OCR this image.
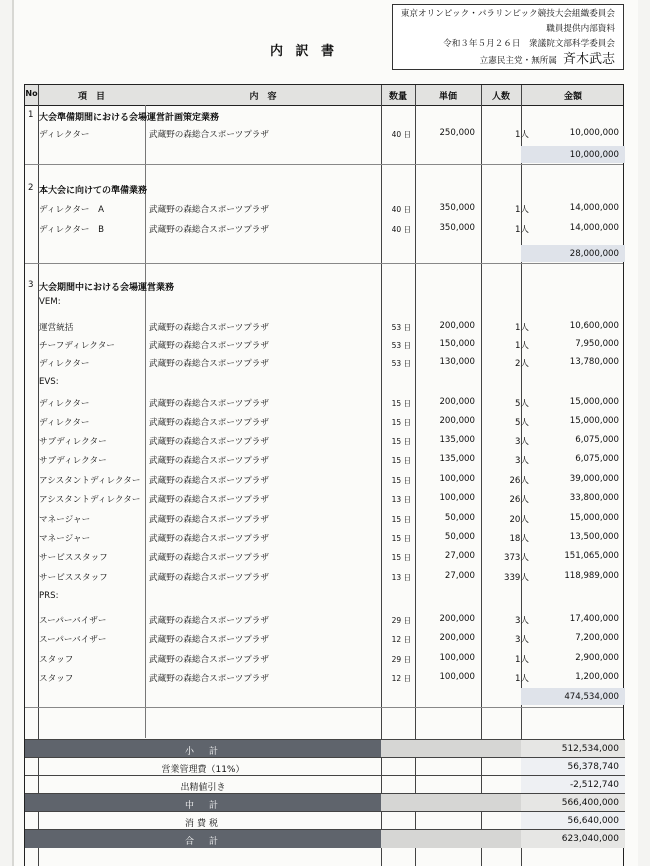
東京オリンピック・パラリンピック競技大会組織委員会
職員提供内部資料
令和３年５月２６日　衆議院文部科学委員会
立憲民主党・無所属 斉木武志
内 訳 書
No	項　目	内　容	数量	単価	人数	金額
1 大会準備期間における会場運営計画策定業務
ディレクター	武蔵野の森総合スポーツプラザ	40 日	250,000	1人	10,000,000
10,000,000
2 本大会に向けての準備業務
ディレクター　A	武蔵野の森総合スポーツプラザ	40 日	350,000	1人	14,000,000
ディレクター　B	武蔵野の森総合スポーツプラザ	40 日	350,000	1人	14,000,000
28,000,000
3 大会期間中における会場運営業務
VEM:
運営統括	武蔵野の森総合スポーツプラザ	53 日	200,000	1人	10,600,000
チーフディレクター	武蔵野の森総合スポーツプラザ	53 日	150,000	1人	7,950,000
ディレクター	武蔵野の森総合スポーツプラザ	53 日	130,000	2人	13,780,000
EVS:
ディレクター	武蔵野の森総合スポーツプラザ	15 日	200,000	5人	15,000,000
ディレクター	武蔵野の森総合スポーツプラザ	15 日	200,000	5人	15,000,000
サブディレクター	武蔵野の森総合スポーツプラザ	15 日	135,000	3人	6,075,000
サブディレクター	武蔵野の森総合スポーツプラザ	15 日	135,000	3人	6,075,000
アシスタントディレクター 武蔵野の森総合スポーツプラザ	15 日	100,000	26人	39,000,000
アシスタントディレクター 武蔵野の森総合スポーツプラザ	13 日	100,000	26人	33,800,000
マネージャー	武蔵野の森総合スポーツプラザ	15 日	50,000	20人	15,000,000
マネージャー	武蔵野の森総合スポーツプラザ	15 日	50,000	18人	13,500,000
サービススタッフ	武蔵野の森総合スポーツプラザ	15 日	27,000	373人	151,065,000
サービススタッフ	武蔵野の森総合スポーツプラザ	13 日	27,000	339人	118,989,000
PRS:
スーパーバイザー	武蔵野の森総合スポーツプラザ	29 日	200,000	3人	17,400,000
スーパーバイザー	武蔵野の森総合スポーツプラザ	12 日	200,000	3人	7,200,000
スタッフ	武蔵野の森総合スポーツプラザ	29 日	100,000	1人	2,900,000
スタッフ	武蔵野の森総合スポーツプラザ	12 日	100,000	1人	1,200,000
474,534,000
小　計	512,534,000
営業管理費（11%）	56,378,740
出精値引き	-2,512,740
中　計	566,400,000
消費税	56,640,000
合　計	623,040,000
